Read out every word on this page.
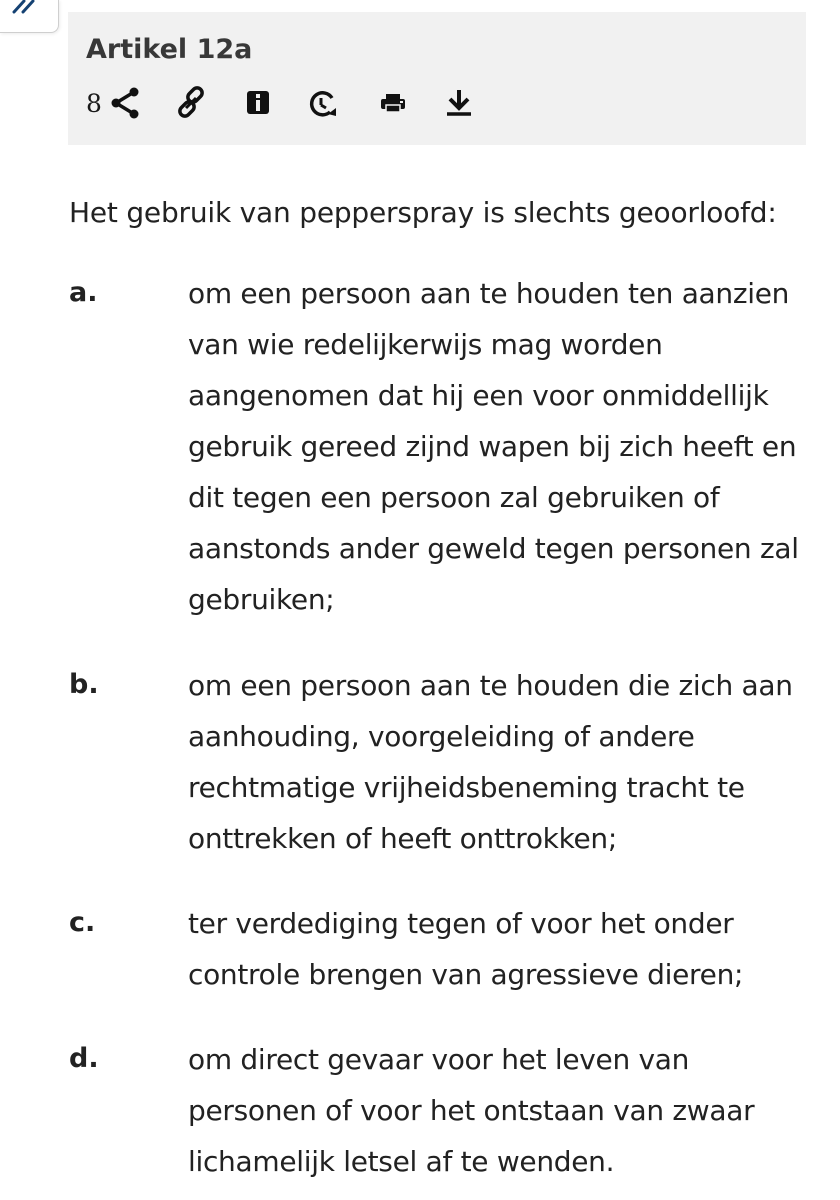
Artikel 12a
8

Het gebruik van pepperspray is slechts geoorloofd:

a.	om een persoon aan te houden ten aanzien van wie redelijkerwijs mag worden aangenomen dat hij een voor onmiddellijk gebruik gereed zijnd wapen bij zich heeft en dit tegen een persoon zal gebruiken of aanstonds ander geweld tegen personen zal gebruiken;

b.	om een persoon aan te houden die zich aan aanhouding, voorgeleiding of andere rechtmatige vrijheidsbeneming tracht te onttrekken of heeft onttrokken;

c.	ter verdediging tegen of voor het onder controle brengen van agressieve dieren;

d.	om direct gevaar voor het leven van personen of voor het ontstaan van zwaar lichamelijk letsel af te wenden.
